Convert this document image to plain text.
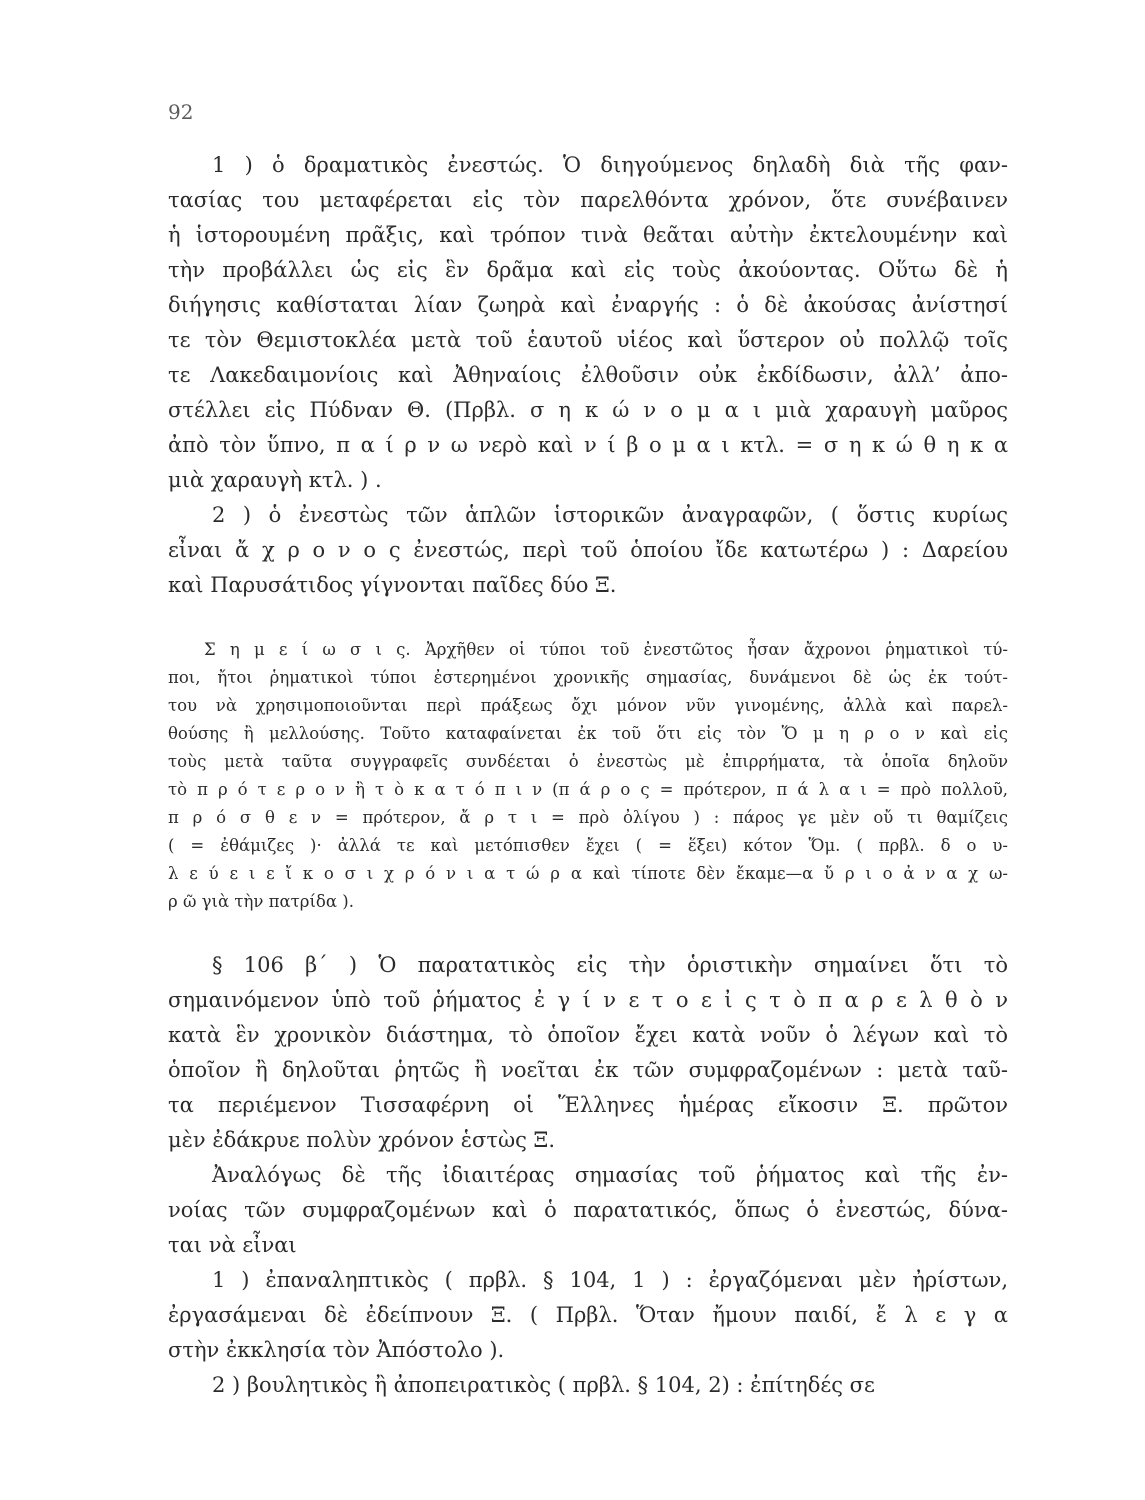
92
1 ) ὁ δραματικὸς ἐνεστώς. Ὁ διηγούμενος δηλαδὴ διὰ τῆς φαν-
τασίας του μεταφέρεται εἰς τὸν παρελθόντα χρόνον, ὅτε συνέβαινεν
ἡ ἱστορουμένη πρᾶξις, καὶ τρόπον τινὰ θεᾶται αὐτὴν ἐκτελουμένην καὶ
τὴν προβάλλει ὡς εἰς ἓν δρᾶμα καὶ εἰς τοὺς ἀκούοντας. Οὕτω δὲ ἡ
διήγησις καθίσταται λίαν ζωηρὰ καὶ ἐναργής : ὁ δὲ ἀκούσας ἀνίστησί
τε τὸν Θεμιστοκλέα μετὰ τοῦ ἑαυτοῦ υἱέος καὶ ὕστερον οὐ πολλῷ τοῖς
τε Λακεδαιμονίοις καὶ Ἀθηναίοις ἐλθοῦσιν οὐκ ἐκδίδωσιν, ἀλλ’ ἀπο-
στέλλει εἰς Πύδναν Θ. (Πρβλ. σ η κ ώ ν ο μ α ι μιὰ χαραυγὴ μαῦρος
ἀπὸ τὸν ὕπνο, π α ί ρ ν ω νερὸ καὶ ν ί β ο μ α ι κτλ. = σ η κ ώ θ η κ α
μιὰ χαραυγὴ κτλ. ) .
2 ) ὁ ἐνεστὼς τῶν ἁπλῶν ἱστορικῶν ἀναγραφῶν, ( ὅστις κυρίως
εἶναι ἄ χ ρ ο ν ο ς ἐνεστώς, περὶ τοῦ ὁποίου ἴδε κατωτέρω ) : Δαρείου
καὶ Παρυσάτιδος γίγνονται παῖδες δύο Ξ.
Σ η μ ε ί ω σ ι ς. Ἀρχῆθεν οἱ τύποι τοῦ ἐνεστῶτος ἦσαν ἄχρονοι ῥηματικοὶ τύ-
ποι, ἤτοι ῥηματικοὶ τύποι ἐστερημένοι χρονικῆς σημασίας, δυνάμενοι δὲ ὡς ἐκ τούτ-
του νὰ χρησιμοποιοῦνται περὶ πράξεως ὄχι μόνον νῦν γινομένης, ἀλλὰ καὶ παρελ-
θούσης ἢ μελλούσης. Τοῦτο καταφαίνεται ἐκ τοῦ ὅτι εἰς τὸν Ὅ μ η ρ ο ν καὶ εἰς
τοὺς μετὰ ταῦτα συγγραφεῖς συνδέεται ὁ ἐνεστὼς μὲ ἐπιρρήματα, τὰ ὁποῖα δηλοῦν
τὸ π ρ ό τ ε ρ ο ν ἢ τ ὸ κ α τ ό π ι ν (π ά ρ ο ς = πρότερον, π ά λ α ι = πρὸ πολλοῦ,
π ρ ό σ θ ε ν = πρότερον, ἄ ρ τ ι = πρὸ ὀλίγου ) : πάρος γε μὲν οὔ τι θαμίζεις
( = ἐθάμιζες )· ἀλλά τε καὶ μετόπισθεν ἔχει ( = ἕξει) κότον Ὅμ. ( πρβλ. δ ο υ-
λ ε ύ ε ι ε ἴ κ ο σ ι χ ρ ό ν ι α τ ώ ρ α καὶ τίποτε δὲν ἔκαμε—α ὔ ρ ι ο ἀ ν α χ ω-
ρ ῶ γιὰ τὴν πατρίδα ).
§ 106 β΄ ) Ὁ παρατατικὸς εἰς τὴν ὁριστικὴν σημαίνει ὅτι τὸ
σημαινόμενον ὑπὸ τοῦ ῥήματος ἐ γ ί ν ε τ ο ε ἰ ς τ ὸ π α ρ ε λ θ ὸ ν
κατὰ ἓν χρονικὸν διάστημα, τὸ ὁποῖον ἔχει κατὰ νοῦν ὁ λέγων καὶ τὸ
ὁποῖον ἢ δηλοῦται ῥητῶς ἢ νοεῖται ἐκ τῶν συμφραζομένων : μετὰ ταῦ-
τα περιέμενον Τισσαφέρνη οἱ Ἕλληνες ἡμέρας εἴκοσιν Ξ. πρῶτον
μὲν ἐδάκρυε πολὺν χρόνον ἑστὼς Ξ.
Ἀναλόγως δὲ τῆς ἰδιαιτέρας σημασίας τοῦ ῥήματος καὶ τῆς ἐν-
νοίας τῶν συμφραζομένων καὶ ὁ παρατατικός, ὅπως ὁ ἐνεστώς, δύνα-
ται νὰ εἶναι
1 ) ἐπαναληπτικὸς ( πρβλ. § 104, 1 ) : ἐργαζόμεναι μὲν ἠρίστων,
ἐργασάμεναι δὲ ἐδείπνουν Ξ. ( Πρβλ. Ὅταν ἤμουν παιδί, ἔ λ ε γ α
στὴν ἐκκλησία τὸν Ἀπόστολο ).
2 ) βουλητικὸς ἢ ἀποπειρατικὸς ( πρβλ. § 104, 2) : ἐπίτηδές σε
